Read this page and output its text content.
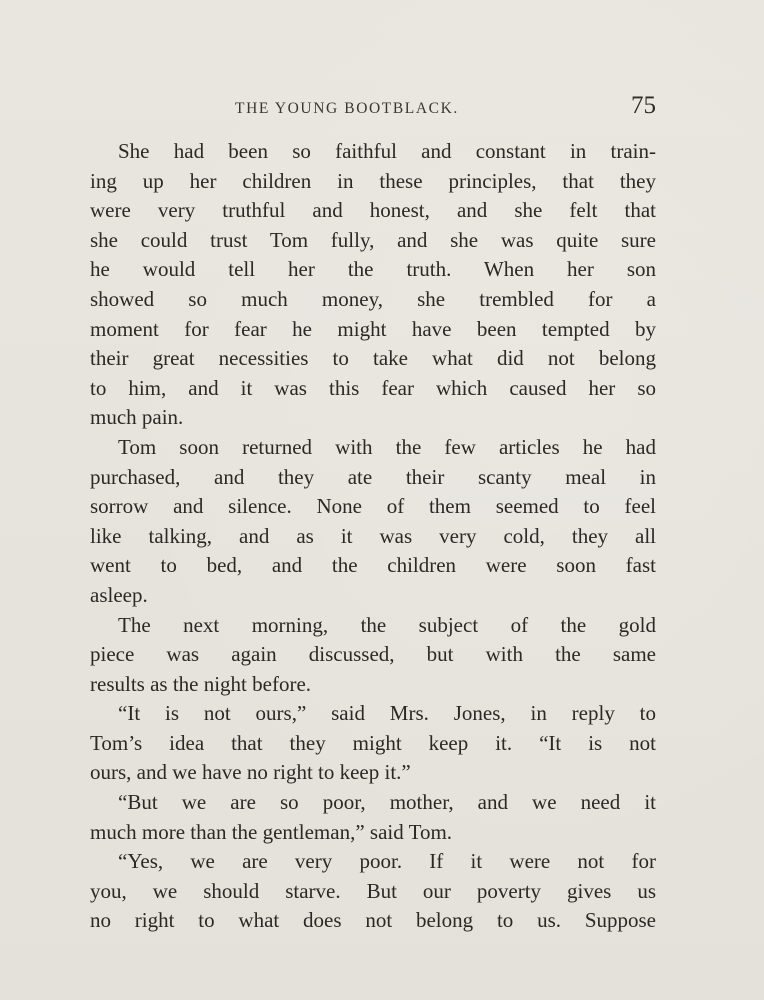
THE YOUNG BOOTBLACK.	75
She had been so faithful and constant in train-
ing up her children in these principles, that they
were very truthful and honest, and she felt that
she could trust Tom fully, and she was quite sure
he would tell her the truth. When her son
showed so much money, she trembled for a
moment for fear he might have been tempted by
their great necessities to take what did not belong
to him, and it was this fear which caused her so
much pain.
Tom soon returned with the few articles he had
purchased, and they ate their scanty meal in
sorrow and silence. None of them seemed to feel
like talking, and as it was very cold, they all
went to bed, and the children were soon fast
asleep.
The next morning, the subject of the gold
piece was again discussed, but with the same
results as the night before.
“It is not ours,” said Mrs. Jones, in reply to
Tom’s idea that they might keep it. “It is not
ours, and we have no right to keep it.”
“But we are so poor, mother, and we need it
much more than the gentleman,” said Tom.
“Yes, we are very poor. If it were not for
you, we should starve. But our poverty gives us
no right to what does not belong to us. Suppose
